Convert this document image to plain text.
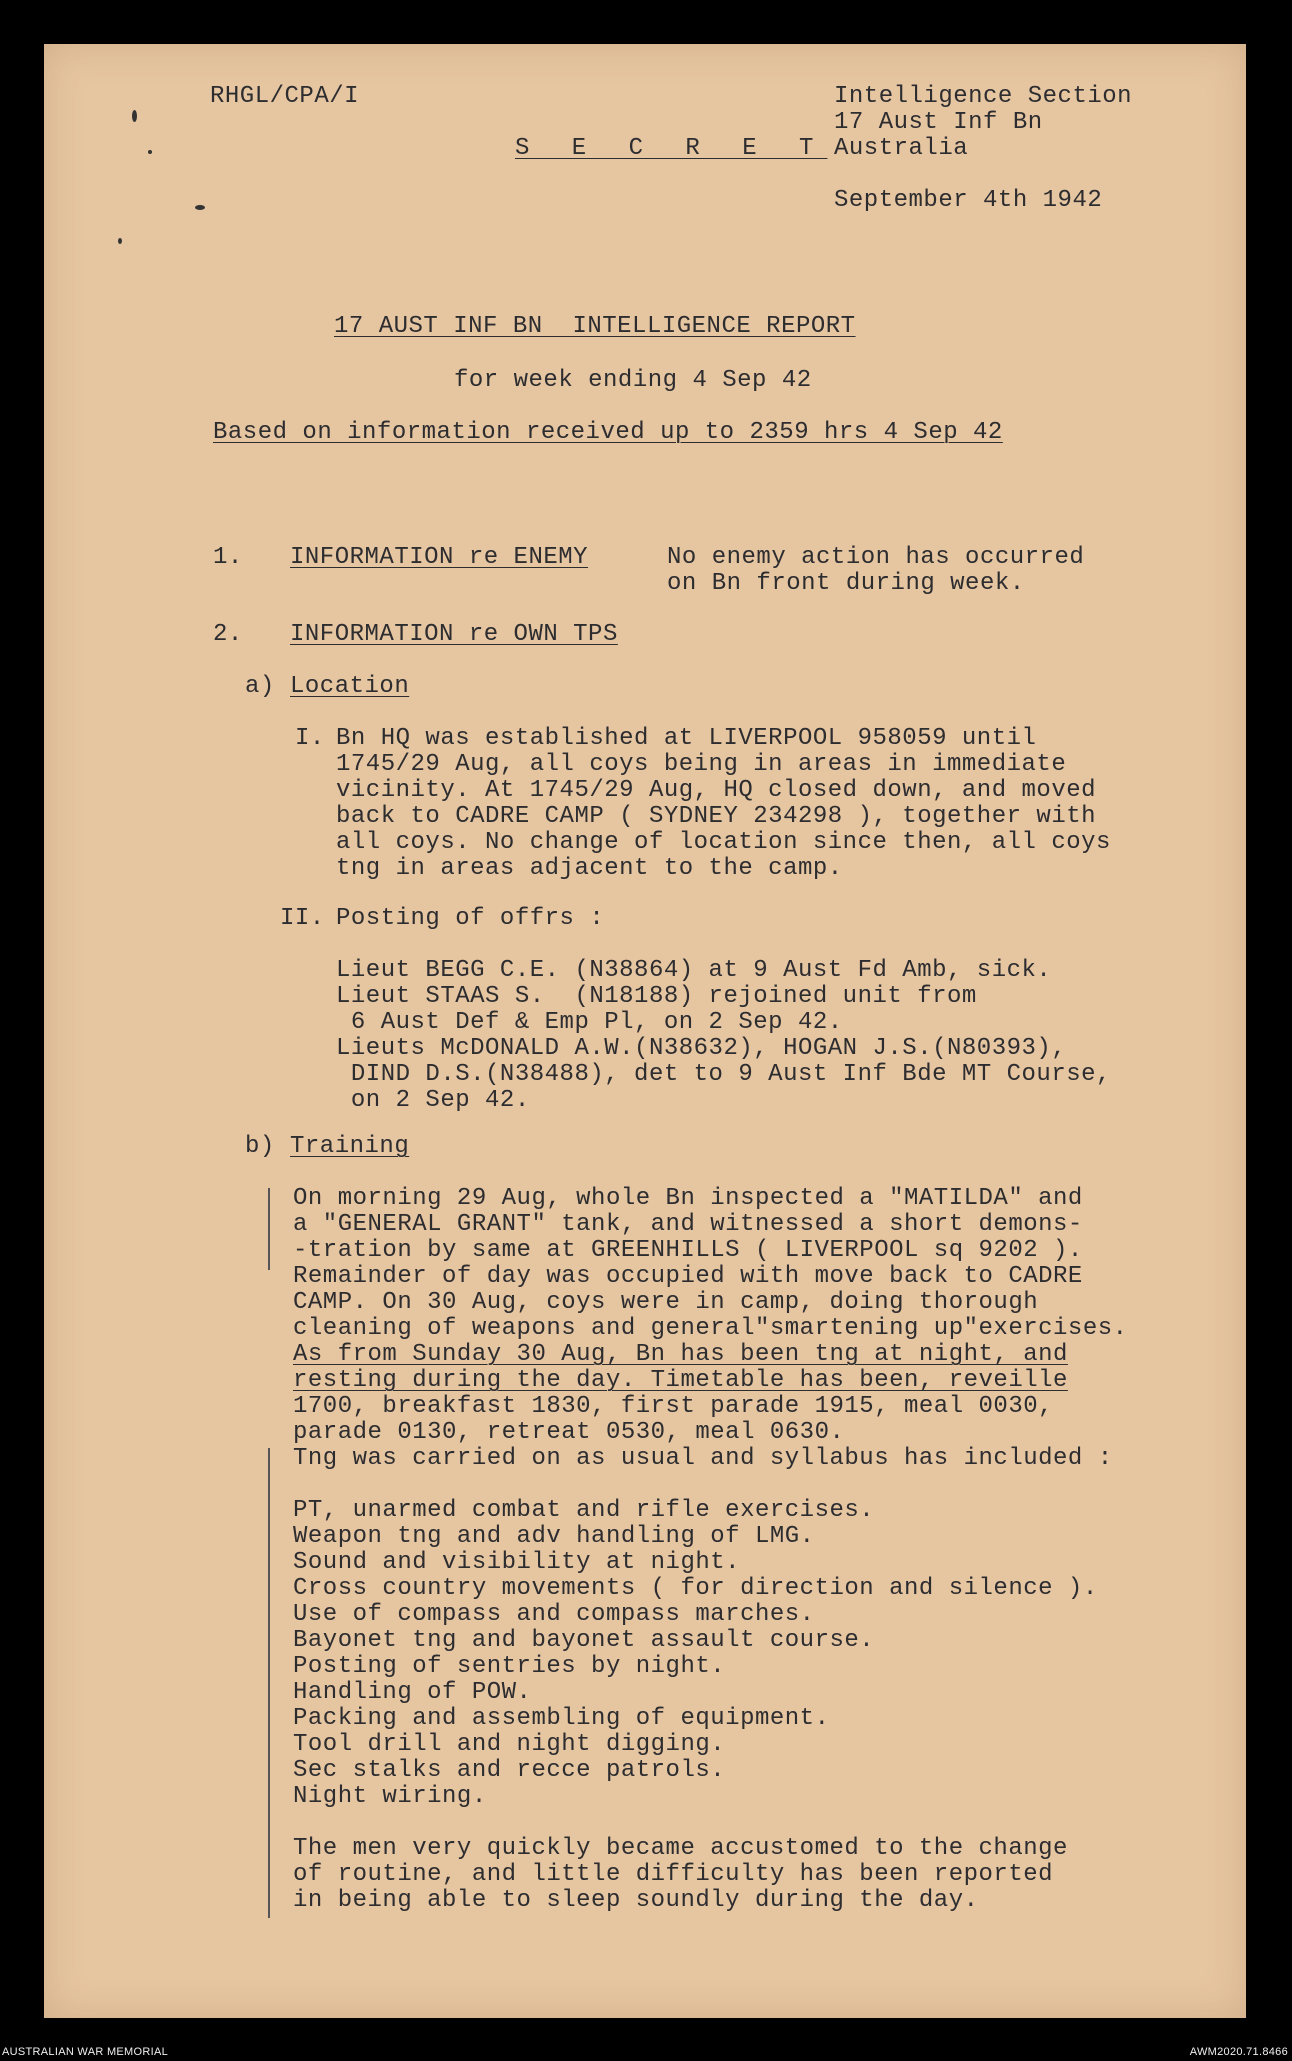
RHGL/CPA/I
S E C R E T
Intelligence Section
17 Aust Inf Bn
Australia
September 4th 1942
17 AUST INF BN  INTELLIGENCE REPORT
for week ending 4 Sep 42
Based on information received up to 2359 hrs 4 Sep 42
1. INFORMATION re ENEMY	No enemy action has occurred
on Bn front during week.
2. INFORMATION re OWN TPS
a) Location
I. Bn HQ was established at LIVERPOOL 958059 until
1745/29 Aug, all coys being in areas in immediate
vicinity. At 1745/29 Aug, HQ closed down, and moved
back to CADRE CAMP ( SYDNEY 234298 ), together with
all coys. No change of location since then, all coys
tng in areas adjacent to the camp.
II. Posting of offrs :
Lieut BEGG C.E. (N38864) at 9 Aust Fd Amb, sick.
Lieut STAAS S.  (N18188) rejoined unit from
6 Aust Def & Emp Pl, on 2 Sep 42.
Lieuts McDONALD A.W.(N38632), HOGAN J.S.(N80393),
DIND D.S.(N38488), det to 9 Aust Inf Bde MT Course,
on 2 Sep 42.
b) Training
On morning 29 Aug, whole Bn inspected a "MATILDA" and
a "GENERAL GRANT" tank, and witnessed a short demons-
-tration by same at GREENHILLS ( LIVERPOOL sq 9202 ).
Remainder of day was occupied with move back to CADRE
CAMP. On 30 Aug, coys were in camp, doing thorough
cleaning of weapons and general"smartening up"exercises.
As from Sunday 30 Aug, Bn has been tng at night, and
resting during the day. Timetable has been, reveille
1700, breakfast 1830, first parade 1915, meal 0030,
parade 0130, retreat 0530, meal 0630.
Tng was carried on as usual and syllabus has included :
PT, unarmed combat and rifle exercises.
Weapon tng and adv handling of LMG.
Sound and visibility at night.
Cross country movements ( for direction and silence ).
Use of compass and compass marches.
Bayonet tng and bayonet assault course.
Posting of sentries by night.
Handling of POW.
Packing and assembling of equipment.
Tool drill and night digging.
Sec stalks and recce patrols.
Night wiring.
The men very quickly became accustomed to the change
of routine, and little difficulty has been reported
in being able to sleep soundly during the day.
AUSTRALIAN WAR MEMORIAL	AWM2020.71.8466
